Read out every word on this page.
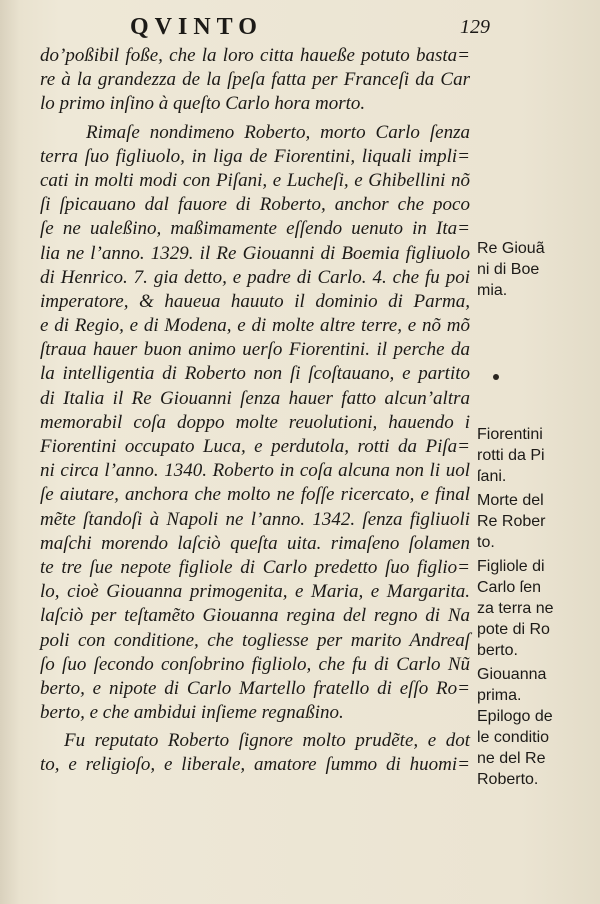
QVINTO	129
do’poßibil foße, che la loro citta haueße potuto basta=
re à la grandezza de la ſpeſa fatta per Franceſi da Car
lo primo inſino à queſto Carlo hora morto.
Rimaſe nondimeno Roberto, morto Carlo ſenza
terra ſuo figliuolo, in liga de Fiorentini, liquali impli=
cati in molti modi con Piſani, e Lucheſi, e Ghibellini nõ
ſi ſpicauano dal fauore di Roberto, anchor che poco
ſe ne ualeßino, maßimamente eſſendo uenuto in Ita=
lia ne l’anno. 1329. il Re Giouanni di Boemia figliuolo
di Henrico. 7. gia detto, e padre di Carlo. 4. che fu poi
imperatore, & haueua hauuto il dominio di Parma,
e di Regio, e di Modena, e di molte altre terre, e nõ mõ
ſtraua hauer buon animo uerſo Fiorentini. il perche da
la intelligentia di Roberto non ſi ſcoſtauano, e partito
di Italia il Re Giouanni ſenza hauer fatto alcun’altra
memorabil coſa doppo molte reuolutioni, hauendo i
Fiorentini occupato Luca, e perdutola, rotti da Piſa=
ni circa l’anno. 1340. Roberto in coſa alcuna non li uol
ſe aiutare, anchora che molto ne foſſe ricercato, e final
mẽte ſtandoſi à Napoli ne l’anno. 1342. ſenza figliuoli
maſchi morendo laſciò queſta uita. rimaſeno ſolamen
te tre ſue nepote figliole di Carlo predetto ſuo figlio=
lo, cioè Giouanna primogenita, e Maria, e Margarita.
laſciò per teſtamẽto Giouanna regina del regno di Na
poli con conditione, che togliesse per marito Andreaſ
ſo ſuo ſecondo conſobrino figliolo, che fu di Carlo Nũ
berto, e nipote di Carlo Martello fratello di eſſo Ro=
berto, e che ambidui inſieme regnaßino.
Fu reputato Roberto ſignore molto prudẽte, e dot
to, e religioſo, e liberale, amatore ſummo di huomi=
Re Giouã
ni di Boe
mia.
Fiorentini
rotti da Pi
ſani.
Morte del
Re Rober
to.
Figliole di
Carlo ſen
za terra ne
pote di Ro
berto.
Giouanna
prima.
Epilogo de
le conditio
ne del Re
Roberto.
